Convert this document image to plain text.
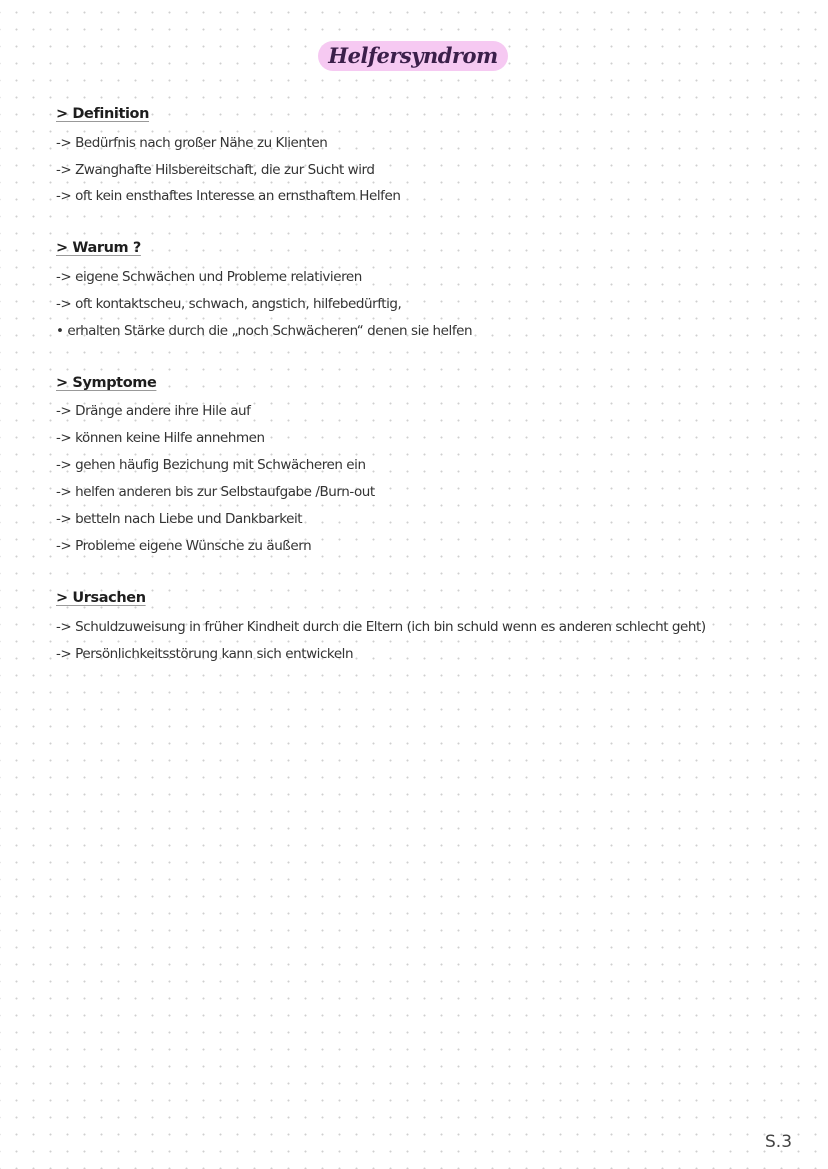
Helfersyndrom
> Definition
-> Bedürfnis nach großer Nähe zu Klienten
-> Zwanghafte Hilsbereitschaft, die zur Sucht wird
-> oft kein ensthaftes Interesse an ernsthaftem Helfen
> Warum ?
-> eigene Schwächen und Probleme relativieren
-> oft kontaktscheu, schwach, angstich, hilfebedürftig,
• erhalten Stärke durch die „noch Schwächeren“ denen sie helfen
> Symptome
-> Dränge andere ihre Hile auf
-> können keine Hilfe annehmen
-> gehen häufig Bezichung mit Schwächeren ein
-> helfen anderen bis zur Selbstaufgabe /Burn-out
-> betteln nach Liebe und Dankbarkeit
-> Probleme eigene Wünsche zu äußern
> Ursachen
-> Schuldzuweisung in früher Kindheit durch die Eltern (ich bin schuld wenn es anderen schlecht geht)
-> Persönlichkeitsstörung kann sich entwickeln
S.3
